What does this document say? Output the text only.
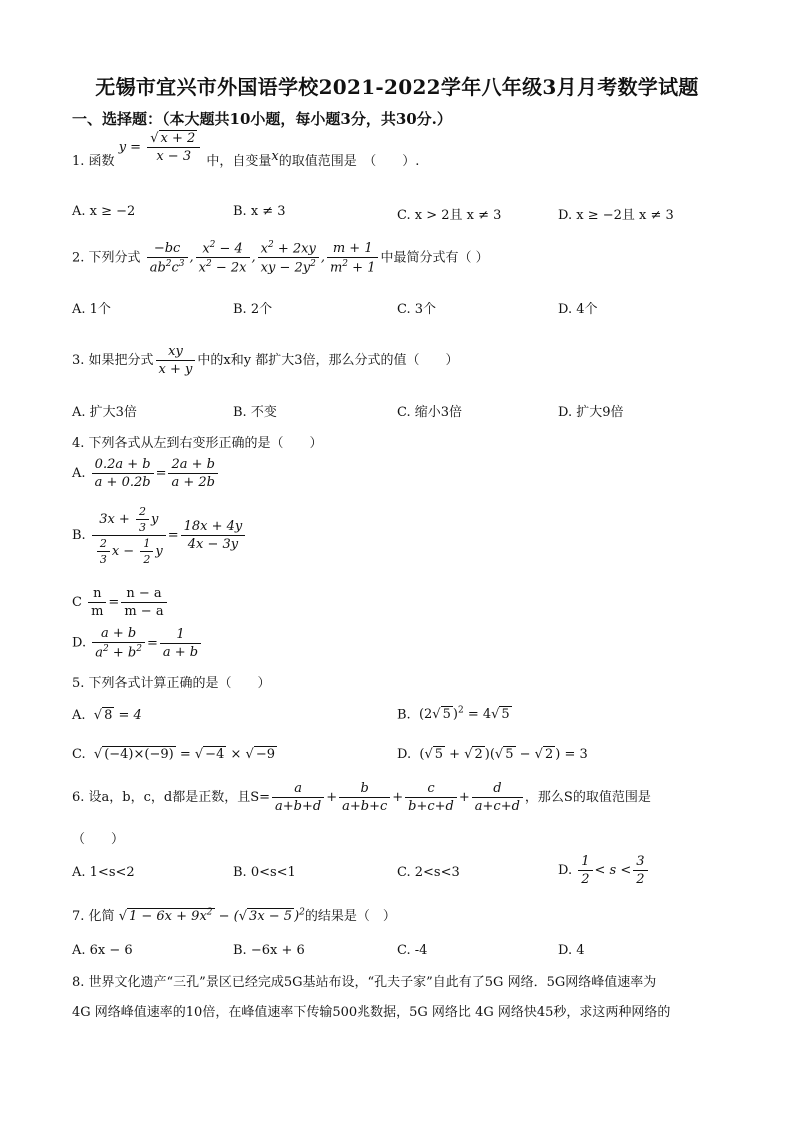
无锡市宜兴市外国语学校2021-2022学年八年级3月月考数学试题
一、选择题：（本大题共10小题，每小题3分，共30分.）
1. 函数 $y = \frac{√ x + 2}{x - 3}$ 中，自变量x的取值范围是　（　　）.
A. x ≥ −2	B. x ≠ 3	C. x > 2且 x ≠ 3	D. x ≥ −2且 x ≠ 3
2. 下列分式 $\frac{-bc}{ab^2c^3}$ , $\frac{x^2 - 4}{x^2 - 2x}$ , $\frac{x^2 + 2xy}{xy - 2y^2}$ , $\frac{m + 1}{m^2 + 1}$ 中最简分式有（ ）
A. 1个	B. 2个	C. 3个	D. 4个
3. 如果把分式 $\frac{xy}{x + y}$ 中的x和y 都扩大3倍，那么分式的值（　　）
A. 扩大3倍	B. 不变	C. 缩小3倍	D. 扩大9倍
4. 下列各式从左到右变形正确的是（　　）
A. $\frac{0.2a + b}{a + 0.2b} = \frac{2a + b}{a + 2b}$
B. $\frac{3x + \frac{2}{3} y}{\frac{2}{3} x - \frac{1}{2} y} = \frac{18x + 4y}{4x - 3y}$
C $\frac{n}{m} = \frac{n - a}{m - a}$
D. $\frac{a + b}{a^2 + b^2} = \frac{1}{a + b}$
5. 下列各式计算正确的是（　　）
A. √ 8 = 4	B. (2√ 5 )$^2$ = 4√ 5
C. √ (−4)×(−9) = √ −4 × √ −9	D. (√ 5 + √ 2 )(√ 5 − √ 2 ) = 3
6. 设a，b，c，d都是正数，且$S= \frac{a}{a+b+d} + \frac{b}{a+b+c} + \frac{c}{b+c+d} + \frac{d}{a+c+d}$ ，那么S的取值范围是
（　　）
A. 1<s<2	B. 0<s<1	C. 2<s<3	D. $\frac{1}{2} < s < \frac{3}{2}$
7. 化简 √ $1 - 6x + 9x^2$ − (√ 3x − 5 )$^2$的结果是（　）
A. 6x − 6	B. −6x + 6	C. -4	D. 4
8. 世界文化遗产“三孔”景区已经完成5G基站布设，“孔夫子家”自此有了5G 网络．5G网络峰值速率为
4G 网络峰值速率的10倍，在峰值速率下传输500兆数据，5G 网络比 4G 网络快45秒，求这两种网络的
